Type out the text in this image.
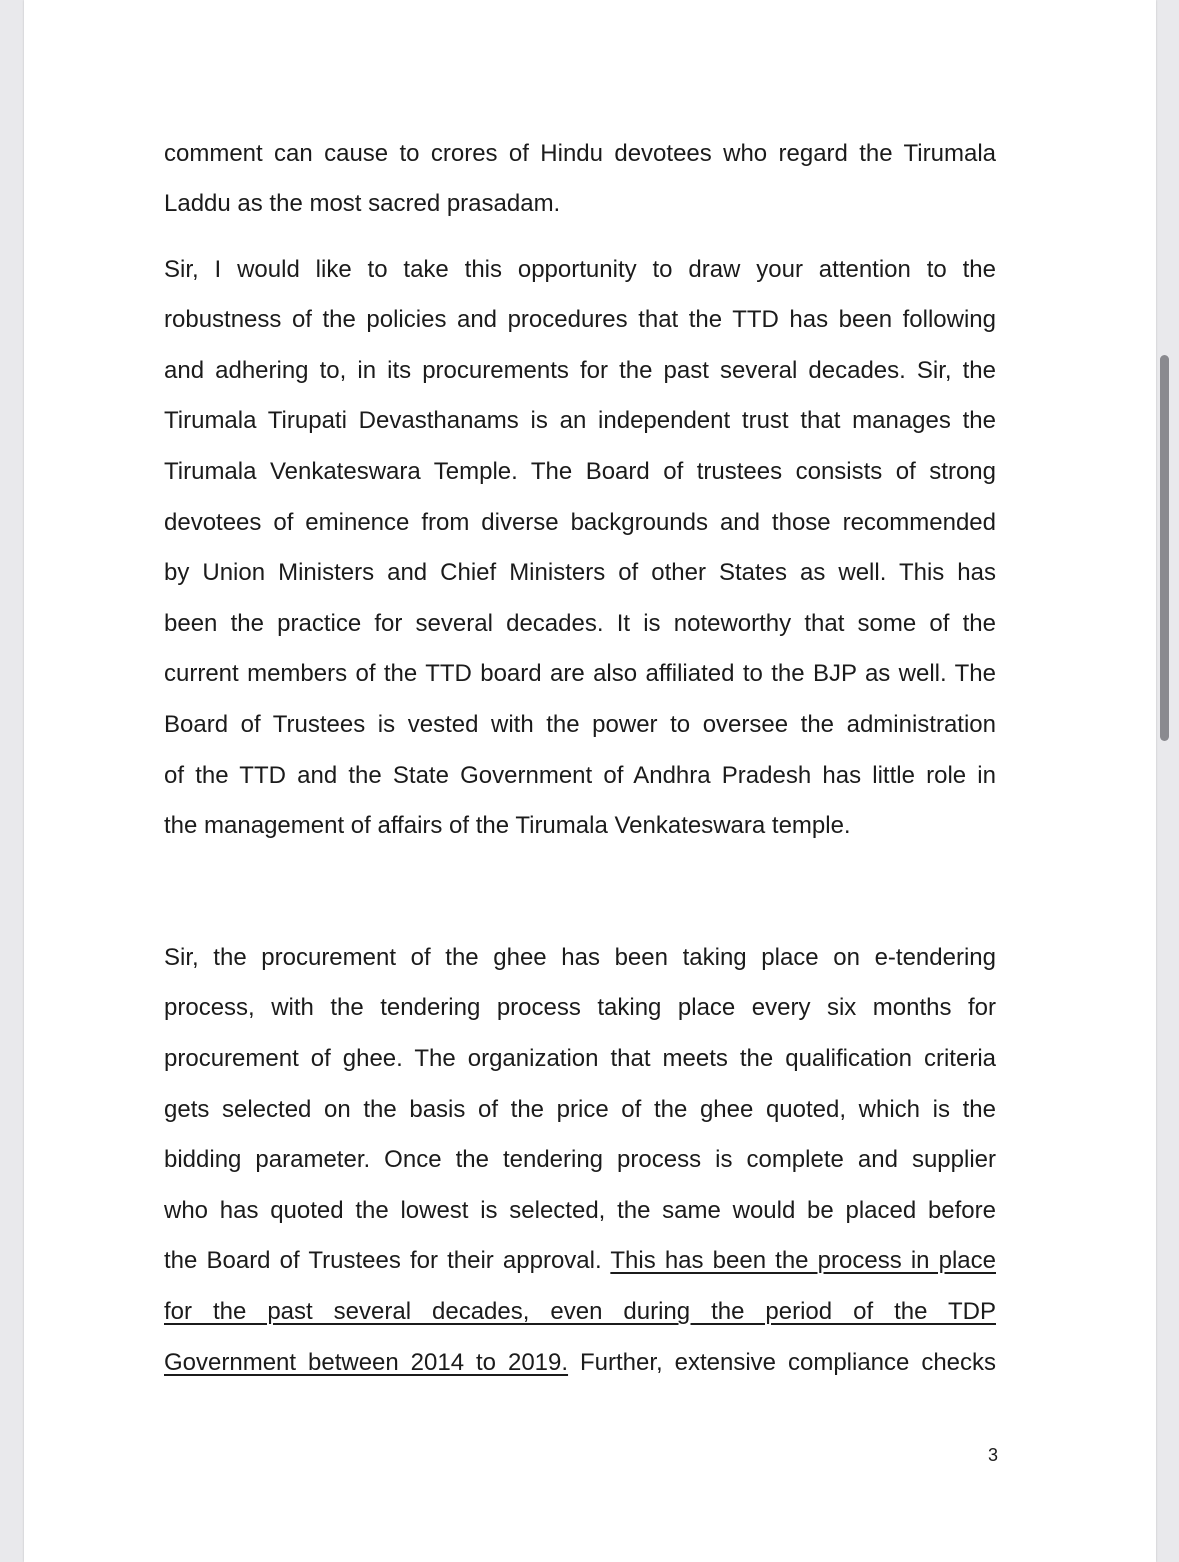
comment can cause to crores of Hindu devotees who regard the Tirumala
Laddu as the most sacred prasadam.
Sir, I would like to take this opportunity to draw your attention to the
robustness of the policies and procedures that the TTD has been following
and adhering to, in its procurements for the past several decades. Sir, the
Tirumala Tirupati Devasthanams is an independent trust that manages the
Tirumala Venkateswara Temple. The Board of trustees consists of strong
devotees of eminence from diverse backgrounds and those recommended
by Union Ministers and Chief Ministers of other States as well. This has
been the practice for several decades. It is noteworthy that some of the
current members of the TTD board are also affiliated to the BJP as well. The
Board of Trustees is vested with the power to oversee the administration
of the TTD and the State Government of Andhra Pradesh has little role in
the management of affairs of the Tirumala Venkateswara temple.
Sir, the procurement of the ghee has been taking place on e-tendering
process, with the tendering process taking place every six months for
procurement of ghee. The organization that meets the qualification criteria
gets selected on the basis of the price of the ghee quoted, which is the
bidding parameter. Once the tendering process is complete and supplier
who has quoted the lowest is selected, the same would be placed before
the Board of Trustees for their approval. This has been the process in place
for the past several decades, even during the period of the TDP
Government between 2014 to 2019. Further, extensive compliance checks
3
